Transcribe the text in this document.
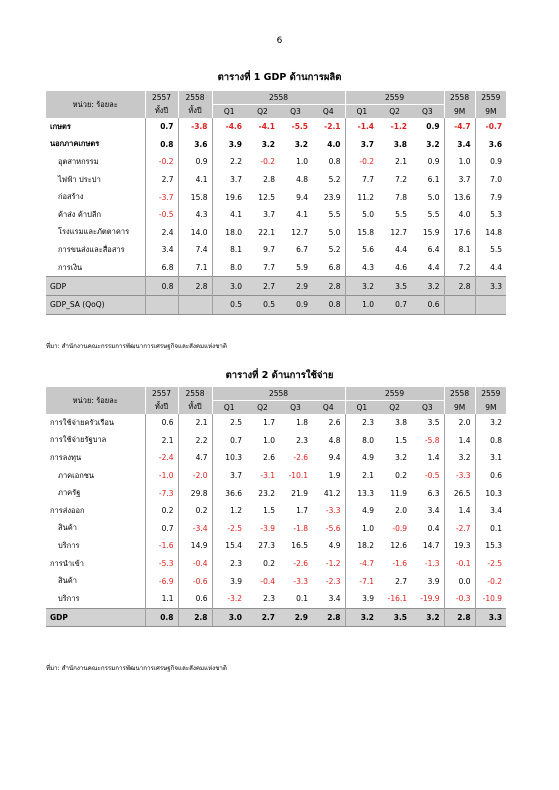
6
ตารางที่ 1 GDP ด้านการผลิต
หน่วย: ร้อยละ	2557	2558	2558				2559			2558	2559
	ทั้งปี	ทั้งปี	Q1	Q2	Q3	Q4	Q1	Q2	Q3	9M	9M
เกษตร	0.7	-3.8	-4.6	-4.1	-5.5	-2.1	-1.4	-1.2	0.9	-4.7	-0.7
นอกภาคเกษตร	0.8	3.6	3.9	3.2	3.2	4.0	3.7	3.8	3.2	3.4	3.6
อุตสาหกรรม	-0.2	0.9	2.2	-0.2	1.0	0.8	-0.2	2.1	0.9	1.0	0.9
ไฟฟ้า ประปา	2.7	4.1	3.7	2.8	4.8	5.2	7.7	7.2	6.1	3.7	7.0
ก่อสร้าง	-3.7	15.8	19.6	12.5	9.4	23.9	11.2	7.8	5.0	13.6	7.9
ค้าส่ง ค้าปลีก	-0.5	4.3	4.1	3.7	4.1	5.5	5.0	5.5	5.5	4.0	5.3
โรงแรมและภัตตาคาร	2.4	14.0	18.0	22.1	12.7	5.0	15.8	12.7	15.9	17.6	14.8
การขนส่งและสื่อสาร	3.4	7.4	8.1	9.7	6.7	5.2	5.6	4.4	6.4	8.1	5.5
การเงิน	6.8	7.1	8.0	7.7	5.9	6.8	4.3	4.6	4.4	7.2	4.4
GDP	0.8	2.8	3.0	2.7	2.9	2.8	3.2	3.5	3.2	2.8	3.3
GDP_SA (QoQ)			0.5	0.5	0.9	0.8	1.0	0.7	0.6		
ที่มา: สำนักงานคณะกรรมการพัฒนาการเศรษฐกิจและสังคมแห่งชาติ
ตารางที่ 2 ด้านการใช้จ่าย
หน่วย: ร้อยละ	2557	2558	2558				2559			2558	2559
	ทั้งปี	ทั้งปี	Q1	Q2	Q3	Q4	Q1	Q2	Q3	9M	9M
การใช้จ่ายครัวเรือน	0.6	2.1	2.5	1.7	1.8	2.6	2.3	3.8	3.5	2.0	3.2
การใช้จ่ายรัฐบาล	2.1	2.2	0.7	1.0	2.3	4.8	8.0	1.5	-5.8	1.4	0.8
การลงทุน	-2.4	4.7	10.3	2.6	-2.6	9.4	4.9	3.2	1.4	3.2	3.1
ภาคเอกชน	-1.0	-2.0	3.7	-3.1	-10.1	1.9	2.1	0.2	-0.5	-3.3	0.6
ภาครัฐ	-7.3	29.8	36.6	23.2	21.9	41.2	13.3	11.9	6.3	26.5	10.3
การส่งออก	0.2	0.2	1.2	1.5	1.7	-3.3	4.9	2.0	3.4	1.4	3.4
สินค้า	0.7	-3.4	-2.5	-3.9	-1.8	-5.6	1.0	-0.9	0.4	-2.7	0.1
บริการ	-1.6	14.9	15.4	27.3	16.5	4.9	18.2	12.6	14.7	19.3	15.3
การนำเข้า	-5.3	-0.4	2.3	0.2	-2.6	-1.2	-4.7	-1.6	-1.3	-0.1	-2.5
สินค้า	-6.9	-0.6	3.9	-0.4	-3.3	-2.3	-7.1	2.7	3.9	0.0	-0.2
บริการ	1.1	0.6	-3.2	2.3	0.1	3.4	3.9	-16.1	-19.9	-0.3	-10.9
GDP	0.8	2.8	3.0	2.7	2.9	2.8	3.2	3.5	3.2	2.8	3.3
ที่มา: สำนักงานคณะกรรมการพัฒนาการเศรษฐกิจและสังคมแห่งชาติ
